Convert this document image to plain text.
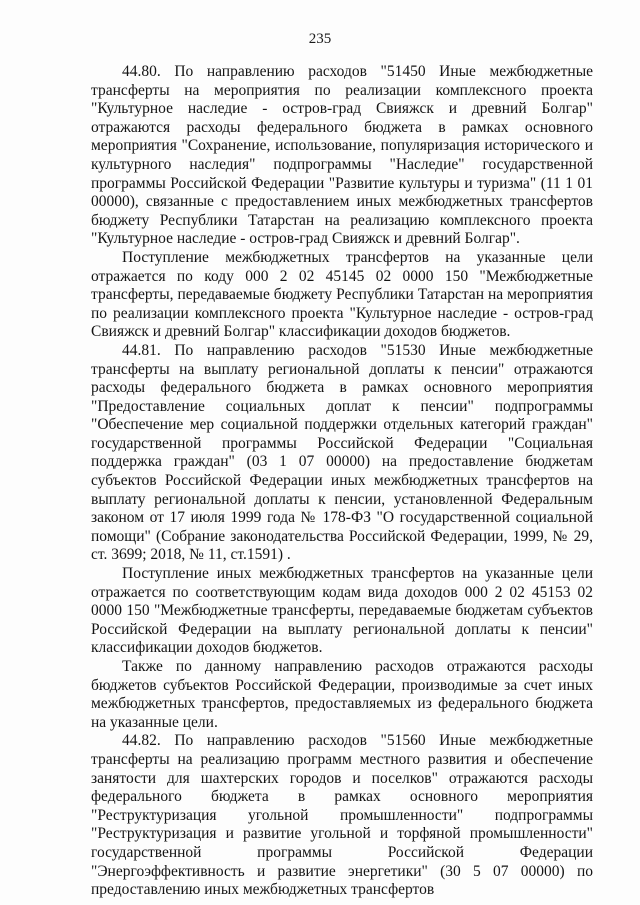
235

44.80. По направлению расходов "51450 Иные межбюджетные трансферты на мероприятия по реализации комплексного проекта "Культурное наследие - остров-град Свияжск и древний Болгар" отражаются расходы федерального бюджета в рамках основного мероприятия "Сохранение, использование, популяризация исторического и культурного наследия" подпрограммы "Наследие" государственной программы Российской Федерации "Развитие культуры и туризма" (11 1 01 00000), связанные с предоставлением иных межбюджетных трансфертов бюджету Республики Татарстан на реализацию комплексного проекта "Культурное наследие - остров-град Свияжск и древний Болгар".

Поступление межбюджетных трансфертов на указанные цели отражается по коду 000 2 02 45145 02 0000 150 "Межбюджетные трансферты, передаваемые бюджету Республики Татарстан на мероприятия по реализации комплексного проекта "Культурное наследие - остров-град Свияжск и древний Болгар" классификации доходов бюджетов.

44.81. По направлению расходов "51530 Иные межбюджетные трансферты на выплату региональной доплаты к пенсии" отражаются расходы федерального бюджета в рамках основного мероприятия "Предоставление социальных доплат к пенсии" подпрограммы "Обеспечение мер социальной поддержки отдельных категорий граждан" государственной программы Российской Федерации "Социальная поддержка граждан" (03 1 07 00000) на предоставление бюджетам субъектов Российской Федерации иных межбюджетных трансфертов на выплату региональной доплаты к пенсии, установленной Федеральным законом от 17 июля 1999 года № 178-ФЗ "О государственной социальной помощи" (Собрание законодательства Российской Федерации, 1999, № 29, ст. 3699; 2018, № 11, ст.1591) .

Поступление иных межбюджетных трансфертов на указанные цели отражается по соответствующим кодам вида доходов 000 2 02 45153 02 0000 150 "Межбюджетные трансферты, передаваемые бюджетам субъектов Российской Федерации на выплату региональной доплаты к пенсии" классификации доходов бюджетов.

Также по данному направлению расходов отражаются расходы бюджетов субъектов Российской Федерации, производимые за счет иных межбюджетных трансфертов, предоставляемых из федерального бюджета на указанные цели.

44.82. По направлению расходов "51560 Иные межбюджетные трансферты на реализацию программ местного развития и обеспечение занятости для шахтерских городов и поселков" отражаются расходы федерального бюджета в рамках основного мероприятия "Реструктуризация угольной промышленности" подпрограммы "Реструктуризация и развитие угольной и торфяной промышленности" государственной программы Российской Федерации "Энергоэффективность и развитие энергетики" (30 5 07 00000) по предоставлению иных межбюджетных трансфертов
